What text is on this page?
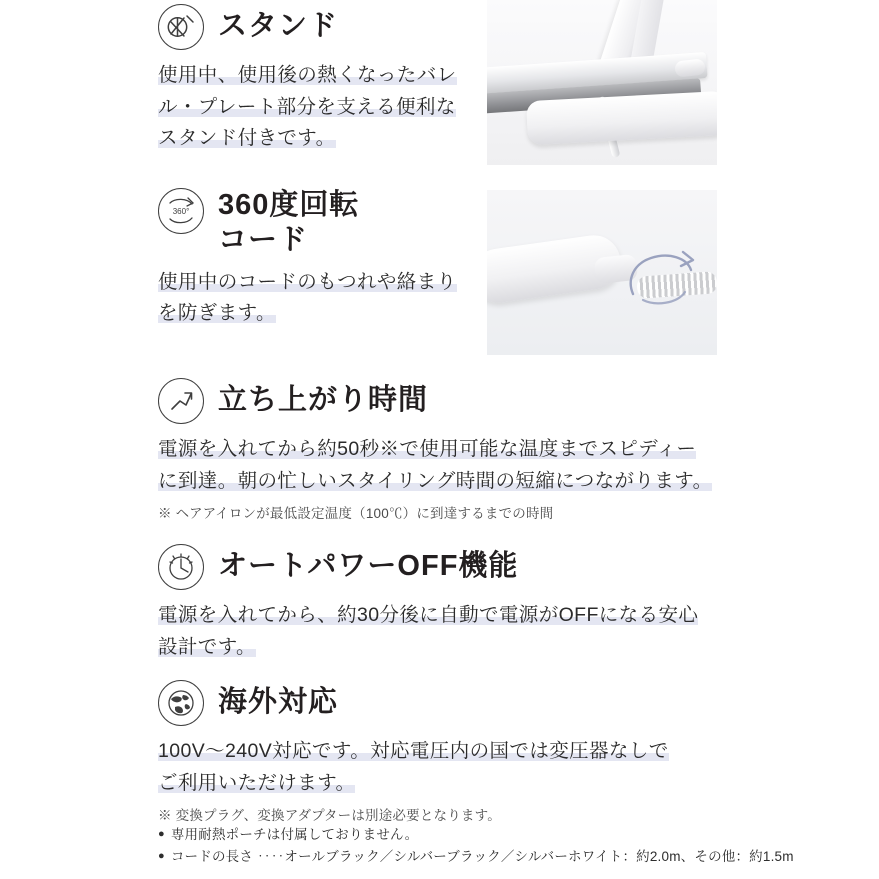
スタンド
使用中、使用後の熱くなったバレ
ル・プレート部分を支える便利な
スタンド付きです。
360° 360度回転
コード
使用中のコードのもつれや絡まり
を防ぎます。
立ち上がり時間
電源を入れてから約50秒※で使用可能な温度までスピディー
に到達。朝の忙しいスタイリング時間の短縮につながります。
※ ヘアアイロンが最低設定温度（100℃）に到達するまでの時間
オートパワーOFF機能
電源を入れてから、約30分後に自動で電源がOFFになる安心
設計です。
海外対応
100V〜240V対応です。対応電圧内の国では変圧器なしで
ご利用いただけます。
※ 変換プラグ、変換アダプターは別途必要となります。
● 専用耐熱ポーチは付属しておりません。
● コードの長さ ‥‥オールブラック／シルバーブラック／シルバーホワイト：約2.0m、その他：約1.5m
